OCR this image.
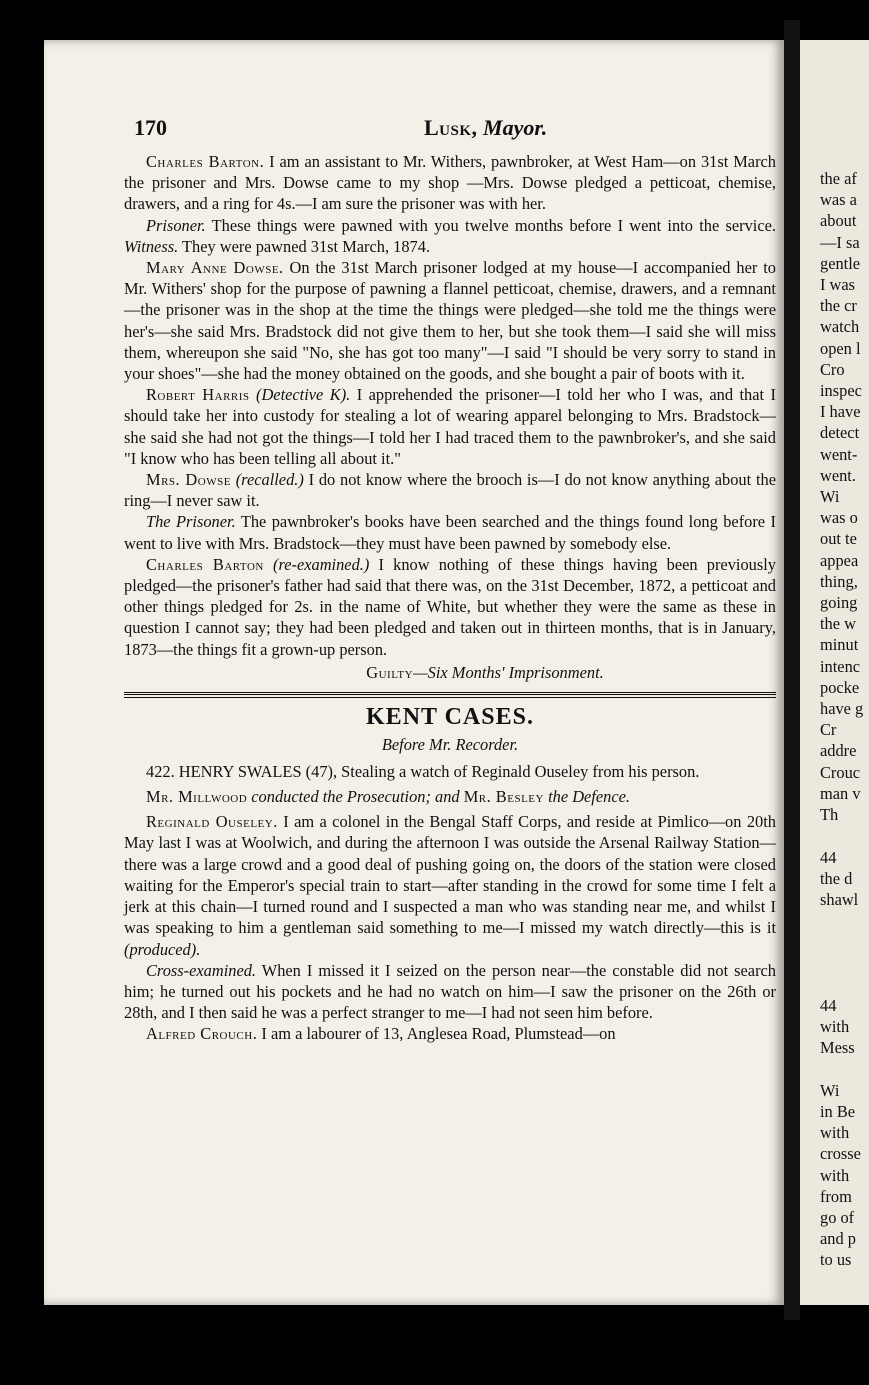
170	Lusk, Mayor.

Charles Barton. I am an assistant to Mr. Withers, pawnbroker, at West Ham—on 31st March the prisoner and Mrs. Dowse came to my shop —Mrs. Dowse pledged a petticoat, chemise, drawers, and a ring for 4s.—I am sure the prisoner was with her.

Prisoner. These things were pawned with you twelve months before I went into the service. Witness. They were pawned 31st March, 1874.

Mary Anne Dowse. On the 31st March prisoner lodged at my house—I accompanied her to Mr. Withers' shop for the purpose of pawning a flannel petticoat, chemise, drawers, and a remnant—the prisoner was in the shop at the time the things were pledged—she told me the things were her's—she said Mrs. Bradstock did not give them to her, but she took them—I said she will miss them, whereupon she said "No, she has got too many"—I said "I should be very sorry to stand in your shoes"—she had the money obtained on the goods, and she bought a pair of boots with it.

Robert Harris (Detective K). I apprehended the prisoner—I told her who I was, and that I should take her into custody for stealing a lot of wearing apparel belonging to Mrs. Bradstock—she said she had not got the things—I told her I had traced them to the pawnbroker's, and she said "I know who has been telling all about it."

Mrs. Dowse (recalled.) I do not know where the brooch is—I do not know anything about the ring—I never saw it.

The Prisoner. The pawnbroker's books have been searched and the things found long before I went to live with Mrs. Bradstock—they must have been pawned by somebody else.

Charles Barton (re-examined.) I know nothing of these things having been previously pledged—the prisoner's father had said that there was, on the 31st December, 1872, a petticoat and other things pledged for 2s. in the name of White, but whether they were the same as these in question I cannot say; they had been pledged and taken out in thirteen months, that is in January, 1873—the things fit a grown-up person.

Guilty—Six Months' Imprisonment.
KENT CASES.
Before Mr. Recorder.

422. HENRY SWALES (47), Stealing a watch of Reginald Ouseley from his person.

Mr. Millwood conducted the Prosecution; and Mr. Besley the Defence.

Reginald Ouseley. I am a colonel in the Bengal Staff Corps, and reside at Pimlico—on 20th May last I was at Woolwich, and during the afternoon I was outside the Arsenal Railway Station—there was a large crowd and a good deal of pushing going on, the doors of the station were closed waiting for the Emperor's special train to start—after standing in the crowd for some time I felt a jerk at this chain—I turned round and I suspected a man who was standing near me, and whilst I was speaking to him a gentleman said something to me—I missed my watch directly—this is it (produced).

Cross-examined. When I missed it I seized on the person near—the constable did not search him; he turned out his pockets and he had no watch on him—I saw the prisoner on the 26th or 28th, and I then said he was a perfect stranger to me—I had not seen him before.

Alfred Crouch. I am a labourer of 13, Anglesea Road, Plumstead—on

the af
was a
about
—I sa
gentle
I was
the cr
watch
open l
Cro
inspec
I have
detect
went-
went.
Wi
was o
out te
appea
thing,
going
the w
minut
intenc
pocke
have g
Cr
addre
Crouc
man v
Th

44
the d
shawl

44
with
Mess

Wi
in Be
with
crosse
with
from
go of
and p
to us
